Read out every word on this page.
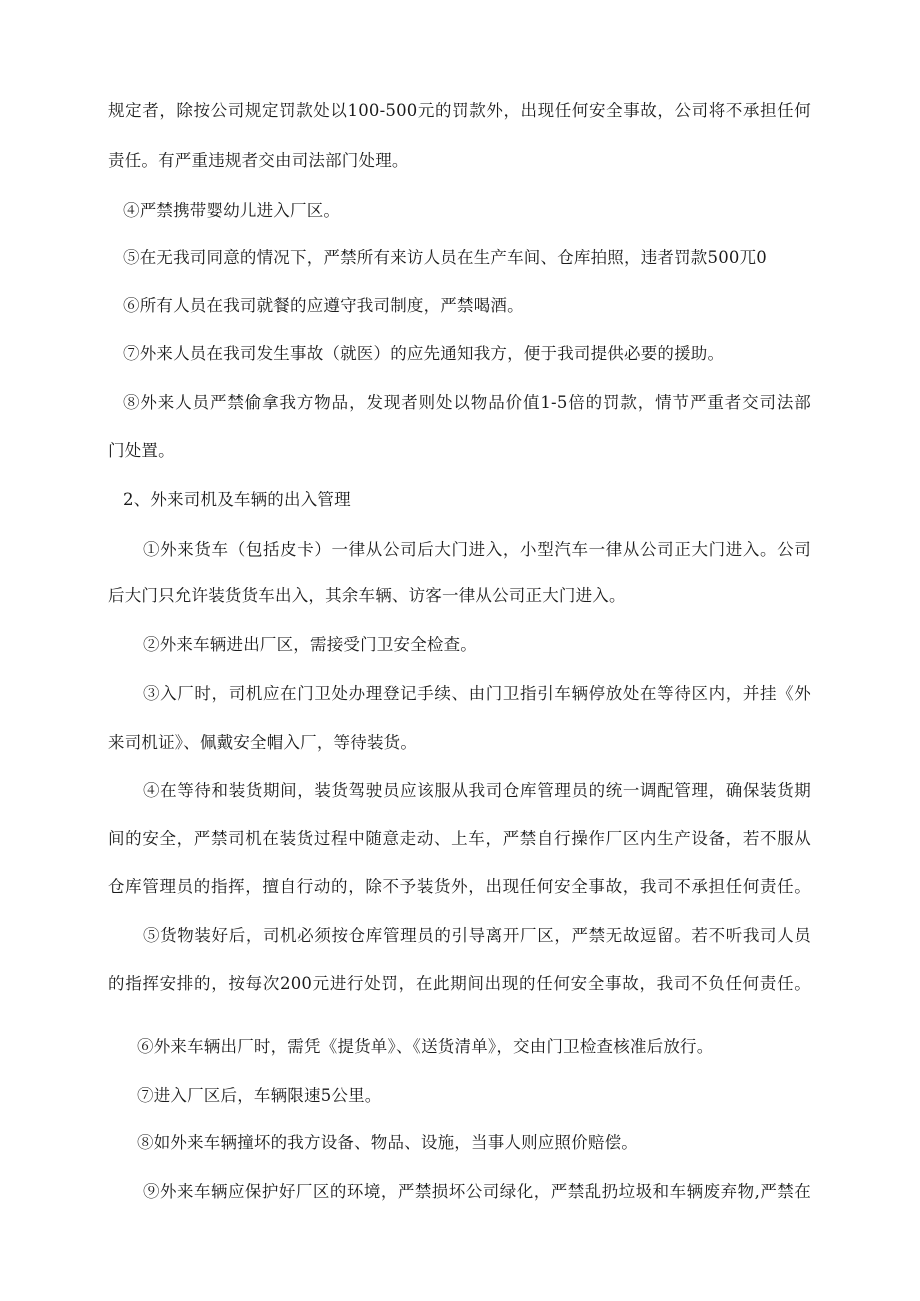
规定者，除按公司规定罚款处以100-500元的罚款外，出现任何安全事故，公司将不承担任何

责任。有严重违规者交由司法部门处理。

④严禁携带婴幼儿进入厂区。

⑤在无我司同意的情况下，严禁所有来访人员在生产车间、仓库拍照，违者罚款500兀0

⑥所有人员在我司就餐的应遵守我司制度，严禁喝酒。

⑦外来人员在我司发生事故（就医）的应先通知我方，便于我司提供必要的援助。

⑧外来人员严禁偷拿我方物品，发现者则处以物品价值1-5倍的罚款，情节严重者交司法部

门处置。

2、外来司机及车辆的出入管理

①外来货车（包括皮卡）一律从公司后大门进入，小型汽车一律从公司正大门进入。公司

后大门只允许装货货车出入，其余车辆、访客一律从公司正大门进入。

②外来车辆进出厂区，需接受门卫安全检查。

③入厂时，司机应在门卫处办理登记手续、由门卫指引车辆停放处在等待区内，并挂《外

来司机证》、佩戴安全帽入厂，等待装货。

④在等待和装货期间，装货驾驶员应该服从我司仓库管理员的统一调配管理，确保装货期

间的安全，严禁司机在装货过程中随意走动、上车，严禁自行操作厂区内生产设备，若不服从

仓库管理员的指挥，擅自行动的，除不予装货外，出现任何安全事故，我司不承担任何责任。

⑤货物装好后，司机必须按仓库管理员的引导离开厂区，严禁无故逗留。若不听我司人员

的指挥安排的，按每次200元进行处罚，在此期间出现的任何安全事故，我司不负任何责任。

⑥外来车辆出厂时，需凭《提货单》、《送货清单》，交由门卫检查核准后放行。

⑦进入厂区后，车辆限速5公里。

⑧如外来车辆撞坏的我方设备、物品、设施，当事人则应照价赔偿。

⑨外来车辆应保护好厂区的环境，严禁损坏公司绿化，严禁乱扔垃圾和车辆废弃物,严禁在
